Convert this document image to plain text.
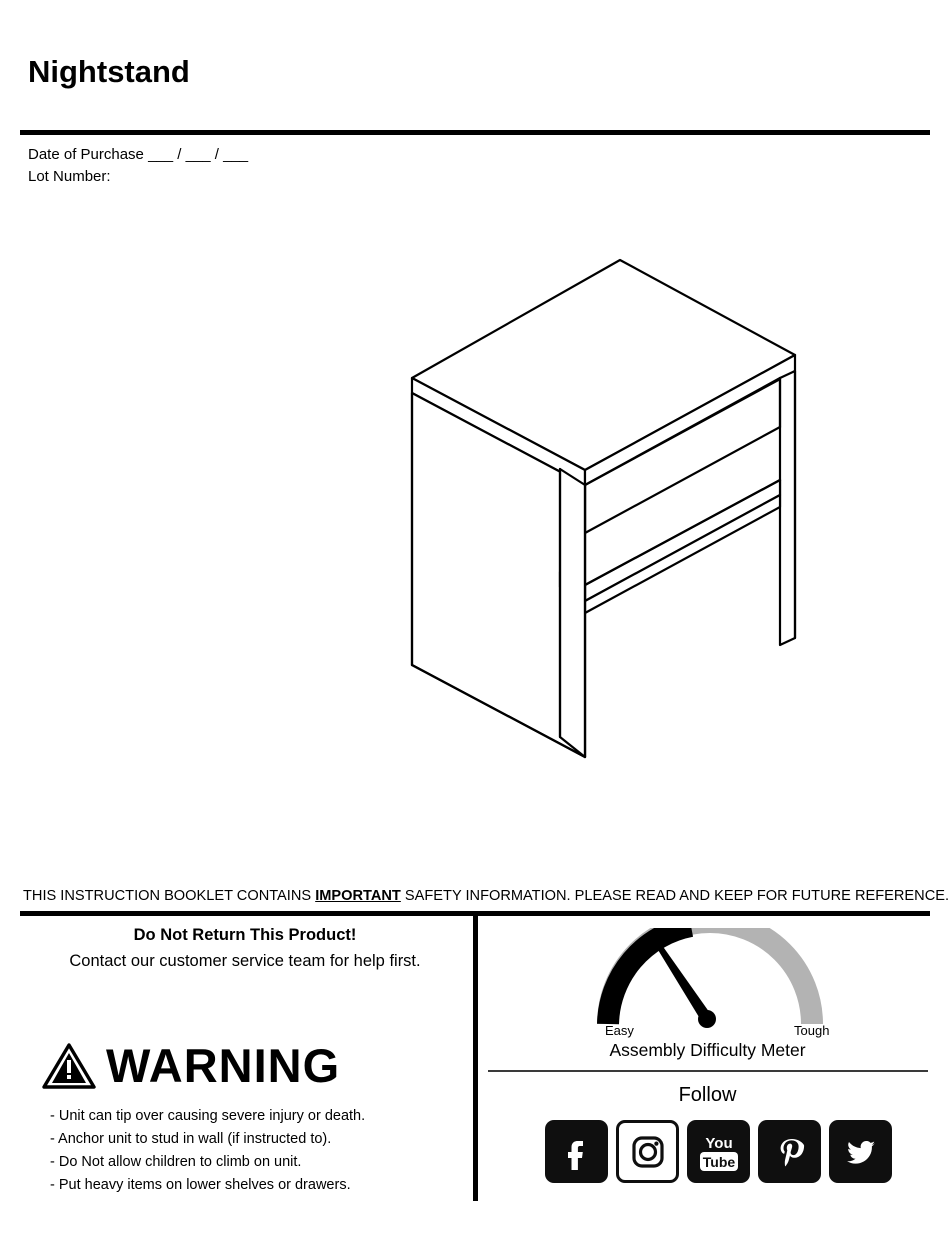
Nightstand
Date of Purchase ___ / ___ / ___
Lot Number:
THIS INSTRUCTION BOOKLET CONTAINS IMPORTANT SAFETY INFORMATION. PLEASE READ AND KEEP FOR FUTURE REFERENCE.
Do Not Return This Product!
Contact our customer service team for help first.
WARNING
- Unit can tip over causing severe injury or death.
- Anchor unit to stud in wall (if instructed to).
- Do Not allow children to climb on unit.
- Put heavy items on lower shelves or drawers.
Easy	Tough
Assembly Difficulty Meter
Follow
You
Tube
